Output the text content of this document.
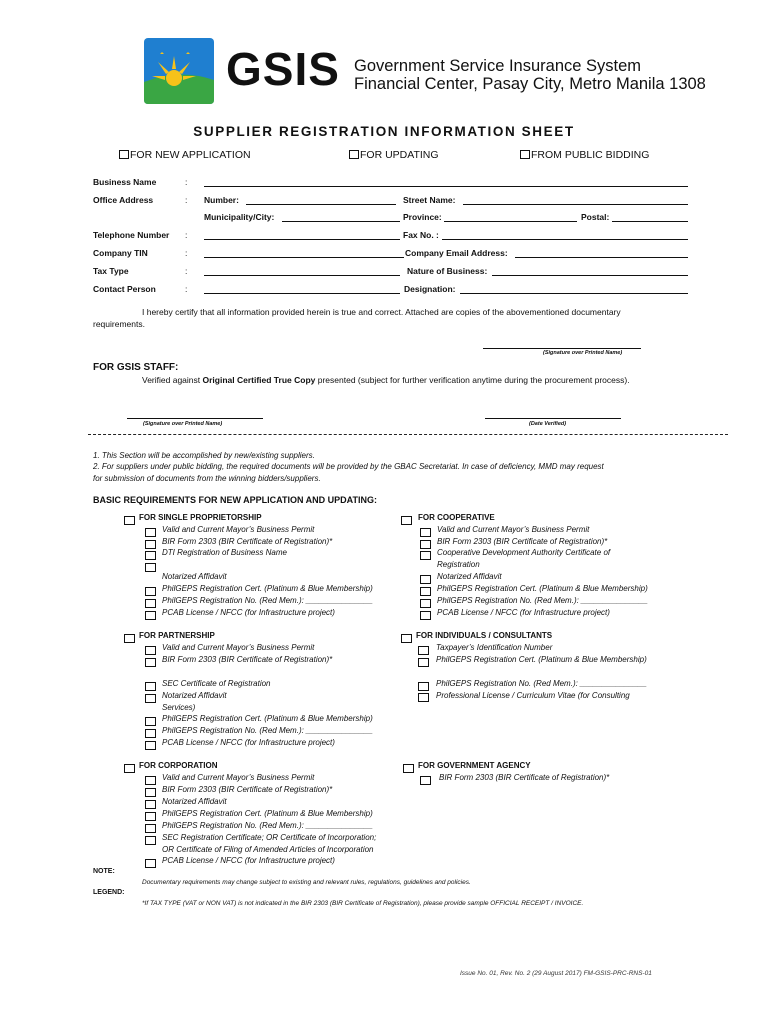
GSIS Government Service Insurance System
Financial Center, Pasay City, Metro Manila 1308
SUPPLIER REGISTRATION INFORMATION SHEET
FOR NEW APPLICATION	FOR UPDATING	FROM PUBLIC BIDDING
Business Name	:
Office Address	: Number:	Street Name:
Municipality/City:	Province:	Postal:
Telephone Number :	Fax No. :
Company TIN	:	Company Email Address:
Tax Type	:	Nature of Business:
Contact Person	:	Designation:
I hereby certify that all information provided herein is true and correct. Attached are copies of the abovementioned documentary
requirements.
(Signature over Printed Name)
FOR GSIS STAFF:
Verified against Original Certified True Copy presented (subject for further verification anytime during the procurement process).
(Signature over Printed Name)	(Date Verified)
1. This Section will be accomplished by new/existing suppliers.
2. For suppliers under public bidding, the required documents will be provided by the GBAC Secretariat. In case of deficiency, MMD may request
for submission of documents from the winning bidders/suppliers.
BASIC REQUIREMENTS FOR NEW APPLICATION AND UPDATING:
FOR SINGLE PROPRIETORSHIP
Valid and Current Mayor’s Business Permit
BIR Form 2303 (BIR Certificate of Registration)*
DTI Registration of Business Name
Notarized Affidavit
PhilGEPS Registration Cert. (Platinum & Blue Membership)
PhilGEPS Registration No. (Red Mem.): _______________
PCAB License / NFCC (for Infrastructure project)
FOR COOPERATIVE
Valid and Current Mayor’s Business Permit
BIR Form 2303 (BIR Certificate of Registration)*
Cooperative Development Authority Certificate of
Registration
Notarized Affidavit
PhilGEPS Registration Cert. (Platinum & Blue Membership)
PhilGEPS Registration No. (Red Mem.): _______________
PCAB License / NFCC (for Infrastructure project)
FOR PARTNERSHIP
Valid and Current Mayor’s Business Permit
BIR Form 2303 (BIR Certificate of Registration)*
SEC Certificate of Registration
Notarized Affidavit
Services)
PhilGEPS Registration Cert. (Platinum & Blue Membership)
PhilGEPS Registration No. (Red Mem.): _______________
PCAB License / NFCC (for Infrastructure project)
FOR INDIVIDUALS / CONSULTANTS
Taxpayer’s Identification Number
PhilGEPS Registration Cert. (Platinum & Blue Membership)
PhilGEPS Registration No. (Red Mem.): _______________
Professional License / Curriculum Vitae (for Consulting
FOR CORPORATION
Valid and Current Mayor’s Business Permit
BIR Form 2303 (BIR Certificate of Registration)*
Notarized Affidavit
PhilGEPS Registration Cert. (Platinum & Blue Membership)
PhilGEPS Registration No. (Red Mem.): _______________
SEC Registration Certificate; OR Certificate of Incorporation;
OR Certificate of Filing of Amended Articles of Incorporation
PCAB License / NFCC (for Infrastructure project)
FOR GOVERNMENT AGENCY
BIR Form 2303 (BIR Certificate of Registration)*
NOTE:
Documentary requirements may change subject to existing and relevant rules, regulations, guidelines and policies.
LEGEND:
*If TAX TYPE (VAT or NON VAT) is not indicated in the BIR 2303 (BIR Certificate of Registration), please provide sample OFFICIAL RECEIPT / INVOICE.
Issue No. 01, Rev. No. 2 (29 August 2017) FM-GSIS-PRC-RNS-01
